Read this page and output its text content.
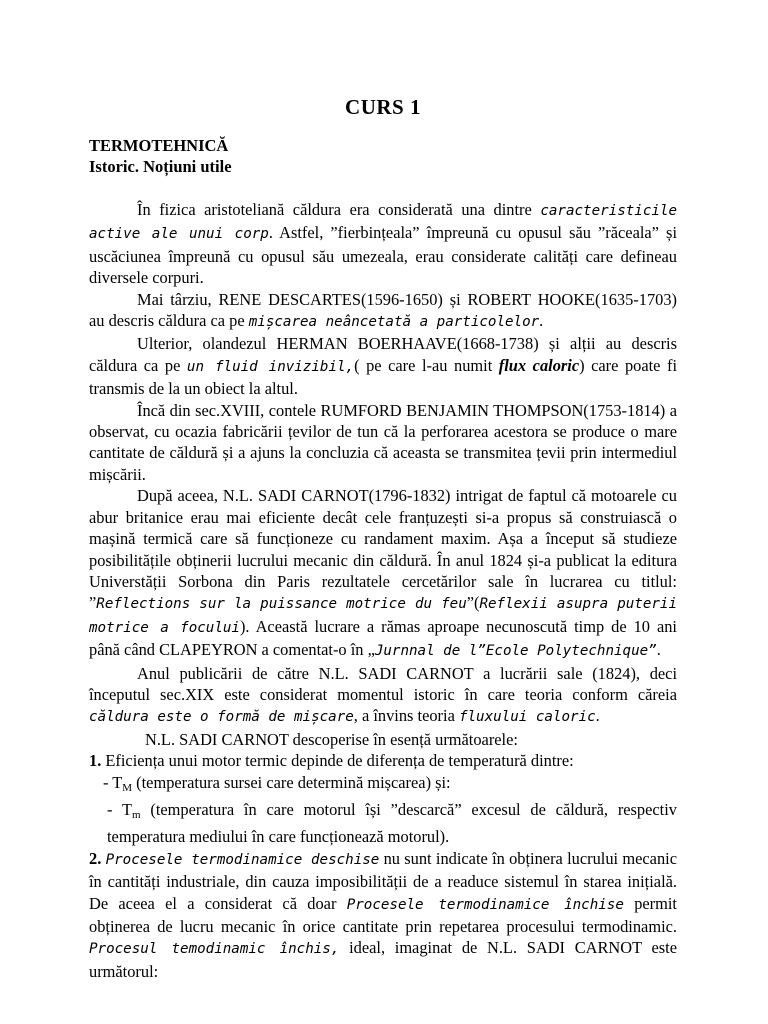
CURS 1
TERMOTEHNICĂ
Istoric. Noțiuni utile

În fizica aristoteliană căldura era considerată una dintre caracteristicile active ale unui corp. Astfel, ”fierbințeala” împreună cu opusul său ”răceala” și uscăciunea împreună cu opusul său umezeala, erau considerate calități care defineau diversele corpuri.

Mai târziu, RENE DESCARTES(1596-1650) și ROBERT HOOKE(1635-1703) au descris căldura ca pe mișcarea neâncetată a particolelor.

Ulterior, olandezul HERMAN BOERHAAVE(1668-1738) și alții au descris căldura ca pe un fluid invizibil,( pe care l-au numit flux caloric) care poate fi transmis de la un obiect la altul.

Încă din sec.XVIII, contele RUMFORD BENJAMIN THOMPSON(1753-1814) a observat, cu ocazia fabricării țevilor de tun că la perforarea acestora se produce o mare cantitate de căldură și a ajuns la concluzia că aceasta se transmitea țevii prin intermediul mișcării.

După aceea, N.L. SADI CARNOT(1796-1832) intrigat de faptul că motoarele cu abur britanice erau mai eficiente decât cele franțuzești si-a propus să construiască o mașină termică care să funcționeze cu randament maxim. Așa a început să studieze posibilitățile obținerii lucrului mecanic din căldură. În anul 1824 și-a publicat la editura Universtății Sorbona din Paris rezultatele cercetărilor sale în lucrarea cu titlul: ”Reflections sur la puissance motrice du feu”(Reflexii asupra puterii motrice a focului). Această lucrare a rămas aproape necunoscută timp de 10 ani până când CLAPEYRON a comentat-o în „Jurnnal de l”Ecole Polytechnique”.

Anul publicării de către N.L. SADI CARNOT a lucrării sale (1824), deci începutul sec.XIX este considerat momentul istoric în care teoria conform căreia căldura este o formă de mișcare, a învins teoria fluxului caloric.

N.L. SADI CARNOT descoperise în esență următoarele:

1. Eficiența unui motor termic depinde de diferența de temperatură dintre:

- $T_M$ (temperatura sursei care determină mișcarea) și:

- $T_m$ (temperatura în care motorul își ”descarcă” excesul de căldură, respectiv temperatura mediului în care funcționează motorul).

2. Procesele termodinamice deschise nu sunt indicate în obținera lucrului mecanic în cantități industriale, din cauza imposibilității de a readuce sistemul în starea inițială. De aceea el a considerat că doar Procesele termodinamice închise permit obținerea de lucru mecanic în orice cantitate prin repetarea procesului termodinamic. Procesul temodinamic închis, ideal, imaginat de N.L. SADI CARNOT este următorul:
